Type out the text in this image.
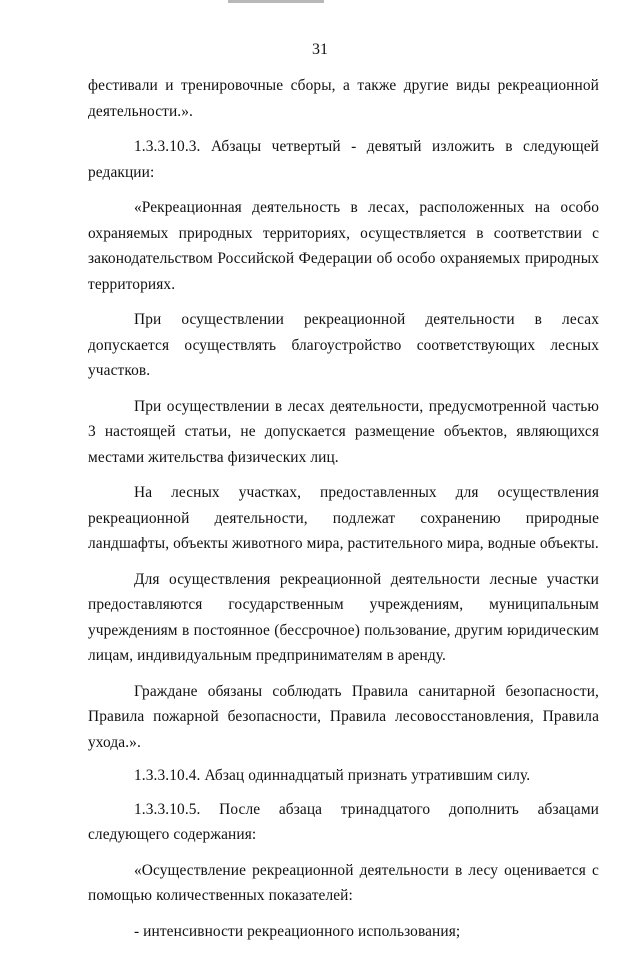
31

фестивали и тренировочные сборы, а также другие виды рекреационной деятельности.».

1.3.3.10.3. Абзацы четвертый - девятый изложить в следующей редакции:

«Рекреационная деятельность в лесах, расположенных на особо охраняемых природных территориях, осуществляется в соответствии с законодательством Российской Федерации об особо охраняемых природных территориях.

При осуществлении рекреационной деятельности в лесах допускается осуществлять благоустройство соответствующих лесных участков.

При осуществлении в лесах деятельности, предусмотренной частью 3 настоящей статьи, не допускается размещение объектов, являющихся местами жительства физических лиц.

На лесных участках, предоставленных для осуществления рекреационной деятельности, подлежат сохранению природные ландшафты, объекты животного мира, растительного мира, водные объекты.

Для осуществления рекреационной деятельности лесные участки предоставляются государственным учреждениям, муниципальным учреждениям в постоянное (бессрочное) пользование, другим юридическим лицам, индивидуальным предпринимателям в аренду.

Граждане обязаны соблюдать Правила санитарной безопасности, Правила пожарной безопасности, Правила лесовосстановления, Правила ухода.».

1.3.3.10.4. Абзац одиннадцатый признать утратившим силу.

1.3.3.10.5. После абзаца тринадцатого дополнить абзацами следующего содержания:

«Осуществление рекреационной деятельности в лесу оценивается с помощью количественных показателей:

- интенсивности рекреационного использования;
